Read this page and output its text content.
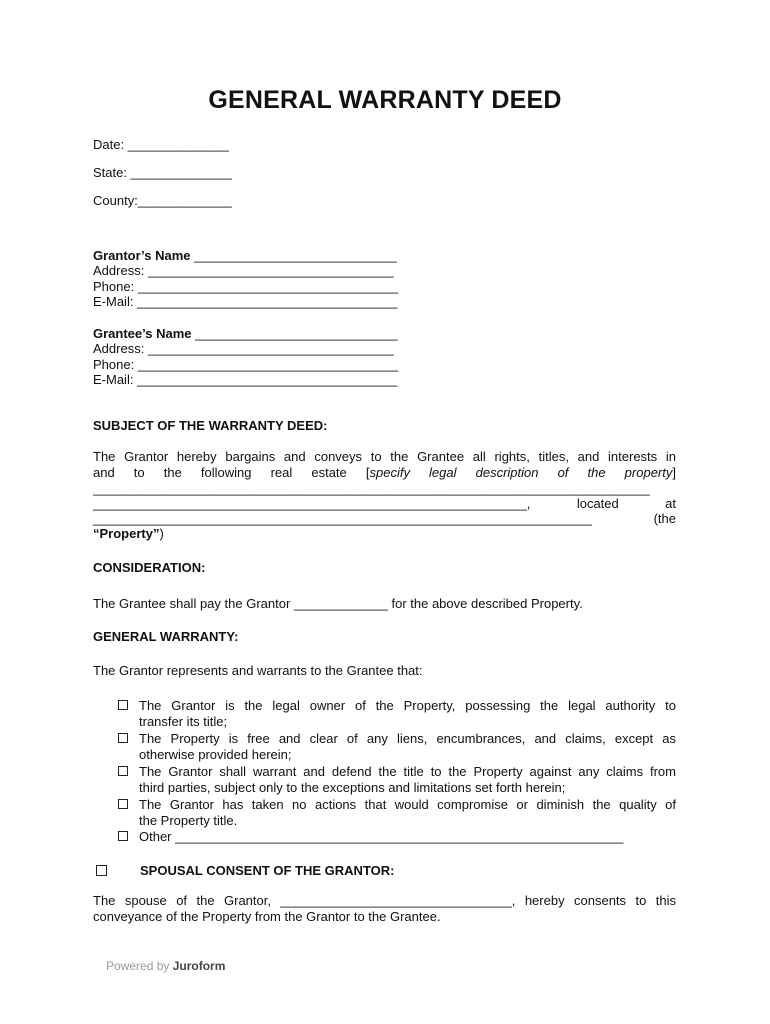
GENERAL WARRANTY DEED
Date: ______________
State: ______________
County:_____________
Grantor’s Name ____________________________
Address: __________________________________
Phone: ____________________________________
E-Mail: ____________________________________
Grantee’s Name ____________________________
Address: __________________________________
Phone: ____________________________________
E-Mail: ____________________________________
SUBJECT OF THE WARRANTY DEED:
The Grantor hereby bargains and conveys to the Grantee all rights, titles, and interests in
and to the following real estate [specify legal description of the property]
_____________________________________________________________________________
____________________________________________________________, located at
_____________________________________________________________________ (the
“Property”)
CONSIDERATION:
The Grantee shall pay the Grantor _____________ for the above described Property.
GENERAL WARRANTY:
The Grantor represents and warrants to the Grantee that:
The Grantor is the legal owner of the Property, possessing the legal authority to
transfer its title;
The Property is free and clear of any liens, encumbrances, and claims, except as
otherwise provided herein;
The Grantor shall warrant and defend the title to the Property against any claims from
third parties, subject only to the exceptions and limitations set forth herein;
The Grantor has taken no actions that would compromise or diminish the quality of
the Property title.
Other ______________________________________________________________
SPOUSAL CONSENT OF THE GRANTOR:
The spouse of the Grantor, ________________________________, hereby consents to this
conveyance of the Property from the Grantor to the Grantee.
Powered by Juroform
